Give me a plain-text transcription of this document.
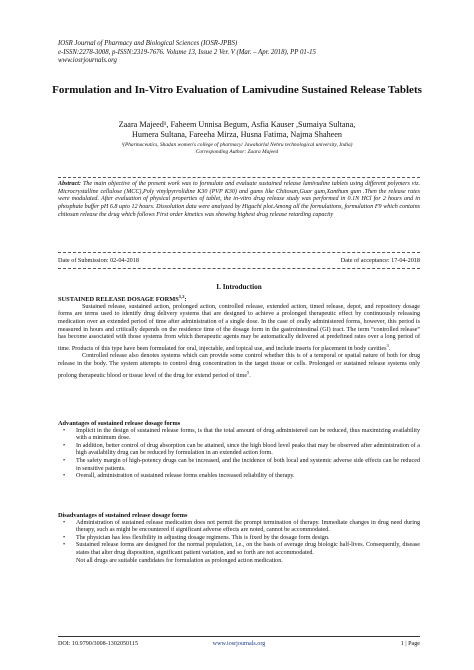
IOSR Journal of Pharmacy and Biological Sciences (IOSR-JPBS)
e-ISSN:2278-3008, p-ISSN:2319-7676. Volume 13, Issue 2 Ver. V (Mar. – Apr. 2018), PP 01-15
www.iosrjournals.org
Formulation and In-Vitro Evaluation of Lamivudine Sustained Release Tablets
Zaara Majeed¹, Faheem Unnisa Begum, Asfia Kauser ,Sumaiya Sultana,
Humera Sultana, Fareeha Mirza, Husna Fatima, Najma Shaheen
¹(Pharmaceutics, Shadan women's college of pharmacy/ Jawaharlal Nehru technological university, India)
Corresponding Author: Zaara Majeed
Abstract: The main objective of the present work was to formulate and evaluate sustained release lamivudine tablets using different polymers viz. Microcrystalline cellulose (MCC),Poly vinylpyrrolidine K30 (PVP K30) and gums like Chitosan,Guar gum,Xanthum gum .Then the release rates were modulated. After evaluation of physical properties of tablet, the in-vitro drug release study was performed in 0.1N HCl for 2 hours and in phosphate buffer pH 6.8 upto 12 hours. Dissolution data were analyzed by Higuchi plot.Among all the formulations, formulation F9 which contains chitosan release the drug which follows First order kinetics was showing highest drug release retarding capacity
Date of Submission: 02-04-2018	Date of acceptance: 17-04-2018
I. Introduction

SUSTAINED RELEASE DOSAGE FORMS$^{1,2}$:

Sustained release, sustained action, prolonged action, controlled release, extended action, timed release, depot, and repository dosage forms are terms used to identify drug delivery systems that are designed to achieve a prolonged therapeutic effect by continuously releasing medication over an extended period of time after administration of a single dose. In the case of orally administered forms, however, this period is measured in hours and critically depends on the residence time of the dosage form in the gastrointestinal (GI) tract. The term “controlled release” has become associated with those systems from which therapeutic agents may be automatically delivered at predefined rates over a long period of time. Products of this type have been formulated for oral, injectable, and topical use, and include inserts for placement in body cavities$^3$.

Controlled release also denotes systems which can provide some control whether this is of a temporal or spatial nature of both for drug release in the body. The system attempts to control drug concentration in the target tissue or cells. Prolonged or sustained release systems only prolong therapeutic blood or tissue level of the drug for extend period of time$^5$.

Advantages of sustained release dosage forms

• Implicit in the design of sustained release forms, is that the total amount of drug administered can be reduced, thus maximizing availability with a minimum dose.
• In addition, better control of drug absorption can be attained, since the high blood level peaks that may be observed after administration of a high availability drug can be reduced by formulation in an extended action form.
• The safety margin of high-potency drugs can be increased, and the incidence of both local and systemic adverse side effects can be reduced in sensitive patients.
• Overall, administration of sustained release forms enables increased reliability of therapy.

Disadvantages of sustained release dosage forms

• Administration of sustained release medication does not permit the prompt termination of therapy. Immediate changes in drug need during therapy, such as might be encountered if significant adverse effects are noted, cannot be accommodated.
• The physician has less flexibility in adjusting dosage regimens. This is fixed by the dosage form design.
• Sustained release forms are designed for the normal population, i.e., on the basis of average drug biologic half-lives. Consequently, disease states that alter drug disposition, significant patient variation, and so forth are not accommodated.

Not all drugs are suitable candidates for formulation as prolonged action medication.

DOI: 10.9790/3008-1302050115	www.iosrjournals.org	1 | Page
